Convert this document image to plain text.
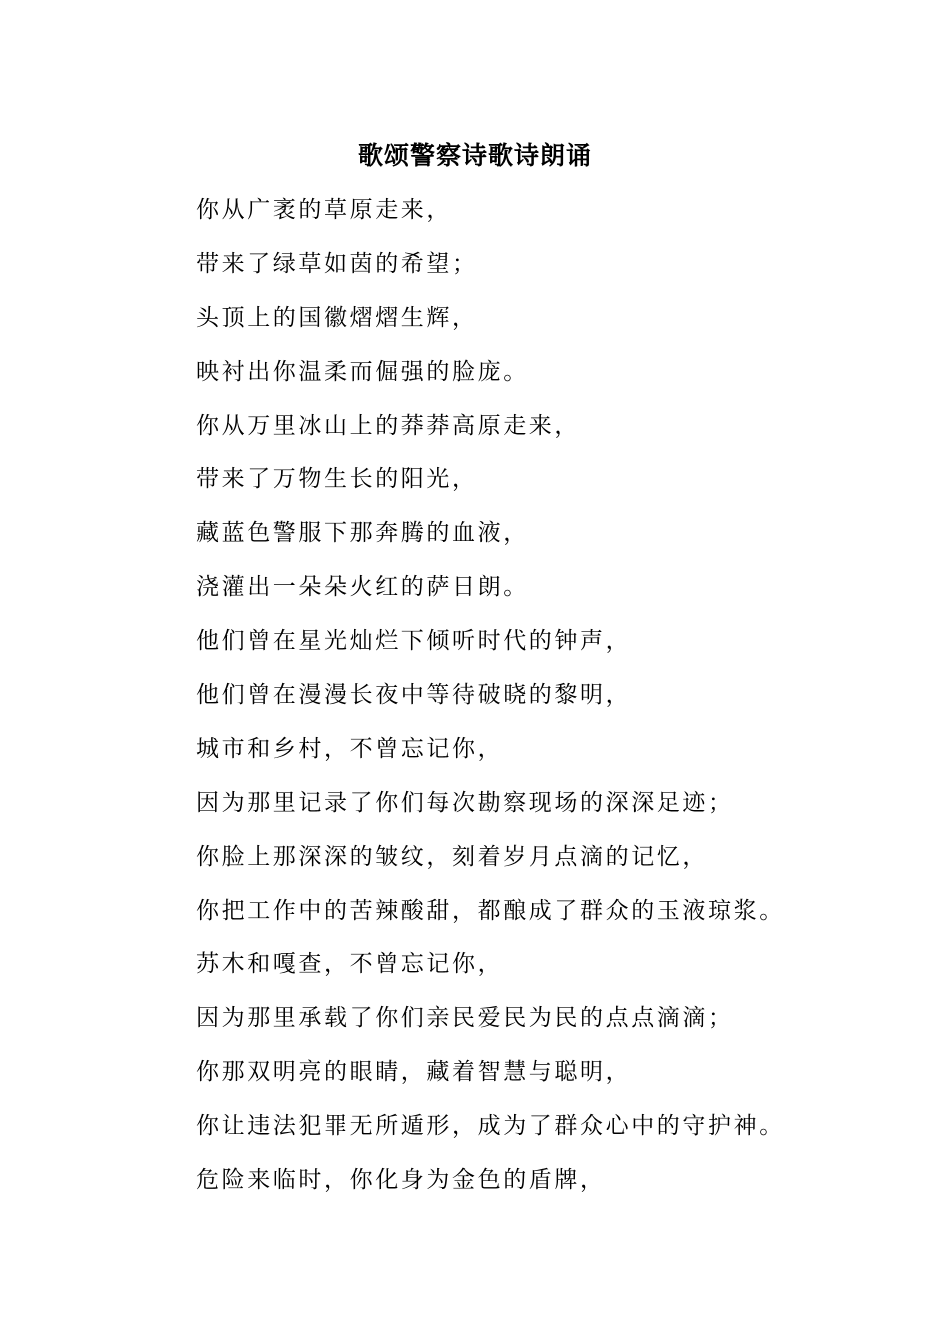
歌颂警察诗歌诗朗诵
你从广袤的草原走来，
带来了绿草如茵的希望；
头顶上的国徽熠熠生辉，
映衬出你温柔而倔强的脸庞。
你从万里冰山上的莽莽高原走来，
带来了万物生长的阳光，
藏蓝色警服下那奔腾的血液，
浇灌出一朵朵火红的萨日朗。
他们曾在星光灿烂下倾听时代的钟声，
他们曾在漫漫长夜中等待破晓的黎明，
城市和乡村，不曾忘记你，
因为那里记录了你们每次勘察现场的深深足迹；
你脸上那深深的皱纹，刻着岁月点滴的记忆，
你把工作中的苦辣酸甜，都酿成了群众的玉液琼浆。
苏木和嘎查，不曾忘记你，
因为那里承载了你们亲民爱民为民的点点滴滴；
你那双明亮的眼睛，藏着智慧与聪明，
你让违法犯罪无所遁形，成为了群众心中的守护神。
危险来临时，你化身为金色的盾牌，
